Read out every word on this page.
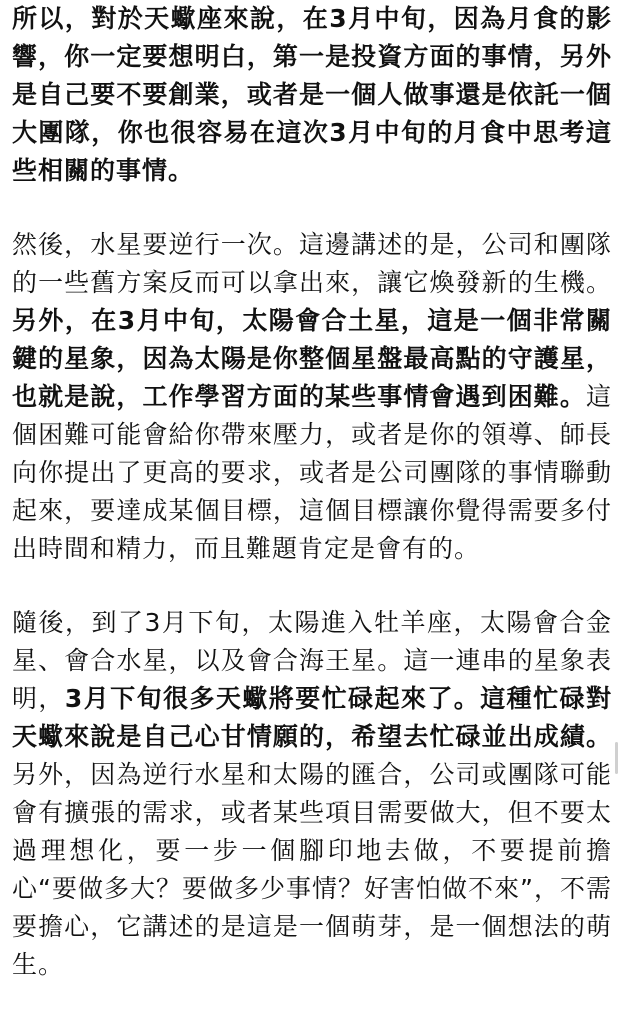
所以，對於天蠍座來說，在3月中旬，因為月食的影響，你一定要想明白，第一是投資方面的事情，另外是自己要不要創業，或者是一個人做事還是依託一個大團隊，你也很容易在這次3月中旬的月食中思考這些相關的事情。

然後，水星要逆行一次。這邊講述的是，公司和團隊的一些舊方案反而可以拿出來，讓它煥發新的生機。另外，在3月中旬，太陽會合土星，這是一個非常關鍵的星象，因為太陽是你整個星盤最高點的守護星，也就是說，工作學習方面的某些事情會遇到困難。這個困難可能會給你帶來壓力，或者是你的領導、師長向你提出了更高的要求，或者是公司團隊的事情聯動起來，要達成某個目標，這個目標讓你覺得需要多付出時間和精力，而且難題肯定是會有的。

隨後，到了3月下旬，太陽進入牡羊座，太陽會合金星、會合水星，以及會合海王星。這一連串的星象表明，3月下旬很多天蠍將要忙碌起來了。這種忙碌對天蠍來說是自己心甘情願的，希望去忙碌並出成績。另外，因為逆行水星和太陽的匯合，公司或團隊可能會有擴張的需求，或者某些項目需要做大，但不要太過理想化，要一步一個腳印地去做，不要提前擔心“要做多大？要做多少事情？好害怕做不來”，不需要擔心，它講述的是這是一個萌芽，是一個想法的萌生。
